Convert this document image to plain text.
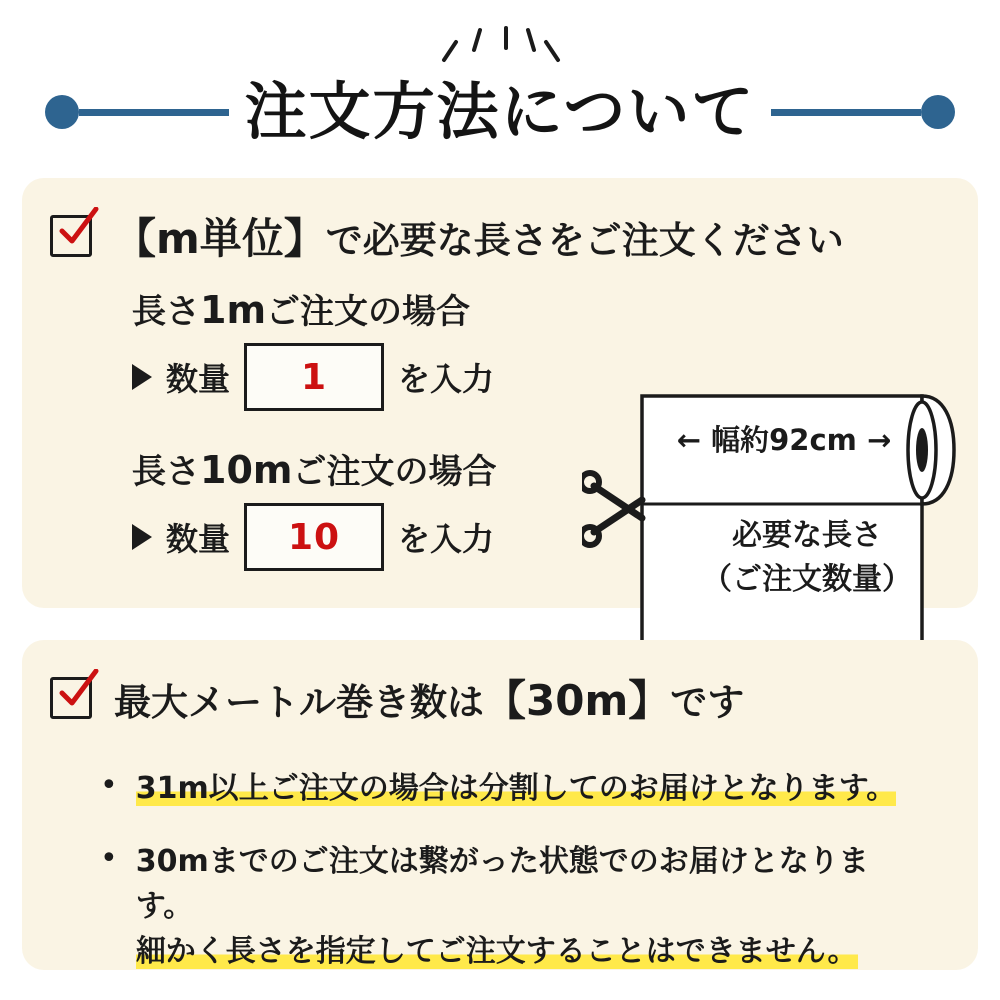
注文方法について
【m単位】で必要な長さをご注文ください

長さ1mご注文の場合

数量	1	を入力

長さ10mご注文の場合

数量	10	を入力
← 幅約92cm →
必要な長さ
（ご注文数量）
最大メートル巻き数は【30m】です
• 31m以上ご注文の場合は分割してのお届けとなります。
• 30mまでのご注文は繋がった状態でのお届けとなります。
細かく長さを指定してご注文することはできません。
